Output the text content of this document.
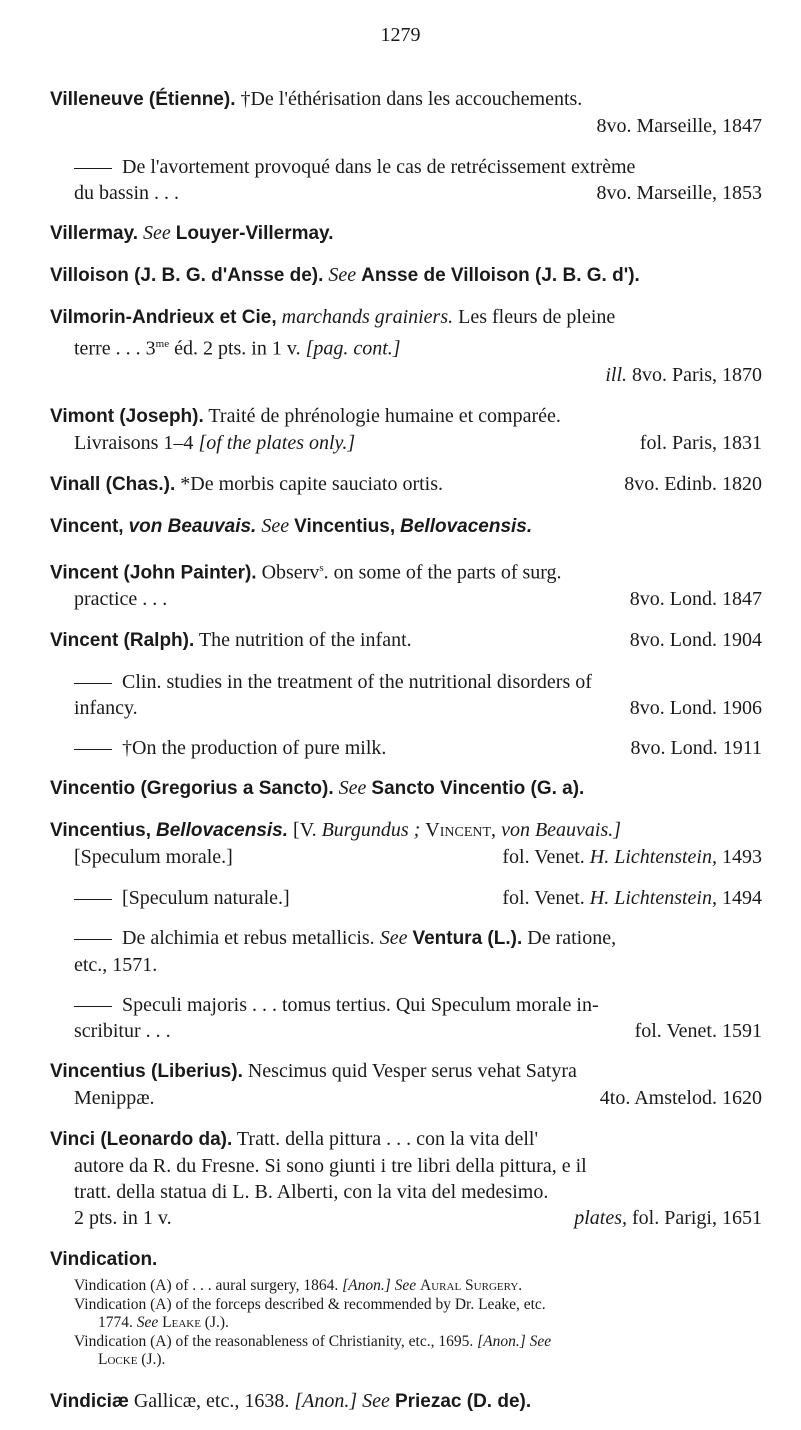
1279
Villeneuve (Étienne). †De l'éthérisation dans les accouchements.
8vo. Marseille, 1847
De l'avortement provoqué dans le cas de retrécissement extrème
du bassin . . .	8vo. Marseille, 1853
Villermay. See Louyer-Villermay.
Villoison (J. B. G. d'Ansse de). See Ansse de Villoison (J. B. G. d').
Vilmorin-Andrieux et Cie, marchands grainiers. Les fleurs de pleine
terre . . . $3^{me}$ éd. 2 pts. in 1 v. [pag. cont.]
ill. 8vo. Paris, 1870
Vimont (Joseph). Traité de phrénologie humaine et comparée.
Livraisons 1–4 [of the plates only.]	fol. Paris, 1831
Vinall (Chas.). *De morbis capite sauciato ortis.	8vo. Edinb. 1820
Vincent, von Beauvais. See Vincentius, Bellovacensis.
Vincent (John Painter). Observ$^s$. on some of the parts of surg.
practice . . .	8vo. Lond. 1847
Vincent (Ralph). The nutrition of the infant.	8vo. Lond. 1904
Clin. studies in the treatment of the nutritional disorders of
infancy.	8vo. Lond. 1906
†On the production of pure milk.	8vo. Lond. 1911
Vincentio (Gregorius a Sancto). See Sancto Vincentio (G. a).
Vincentius, Bellovacensis. [V. Burgundus ; Vincent, von Beauvais.]
[Speculum morale.]	fol. Venet. H. Lichtenstein, 1493
[Speculum naturale.]	fol. Venet. H. Lichtenstein, 1494
De alchimia et rebus metallicis. See Ventura (L.). De ratione,
etc., 1571.
Speculi majoris . . . tomus tertius. Qui Speculum morale in-
scribitur . . .	fol. Venet. 1591
Vincentius (Liberius). Nescimus quid Vesper serus vehat Satyra
Menippæ.	4to. Amstelod. 1620
Vinci (Leonardo da). Tratt. della pittura . . . con la vita dell'
autore da R. du Fresne. Si sono giunti i tre libri della pittura, e il
tratt. della statua di L. B. Alberti, con la vita del medesimo.
2 pts. in 1 v.	plates, fol. Parigi, 1651
Vindication.
Vindication (A) of . . . aural surgery, 1864. [Anon.] See Aural Surgery.
Vindication (A) of the forceps described & recommended by Dr. Leake, etc.
1774. See Leake (J.).
Vindication (A) of the reasonableness of Christianity, etc., 1695. [Anon.] See
Locke (J.).
Vindiciæ Gallicæ, etc., 1638. [Anon.] See Priezac (D. de).
